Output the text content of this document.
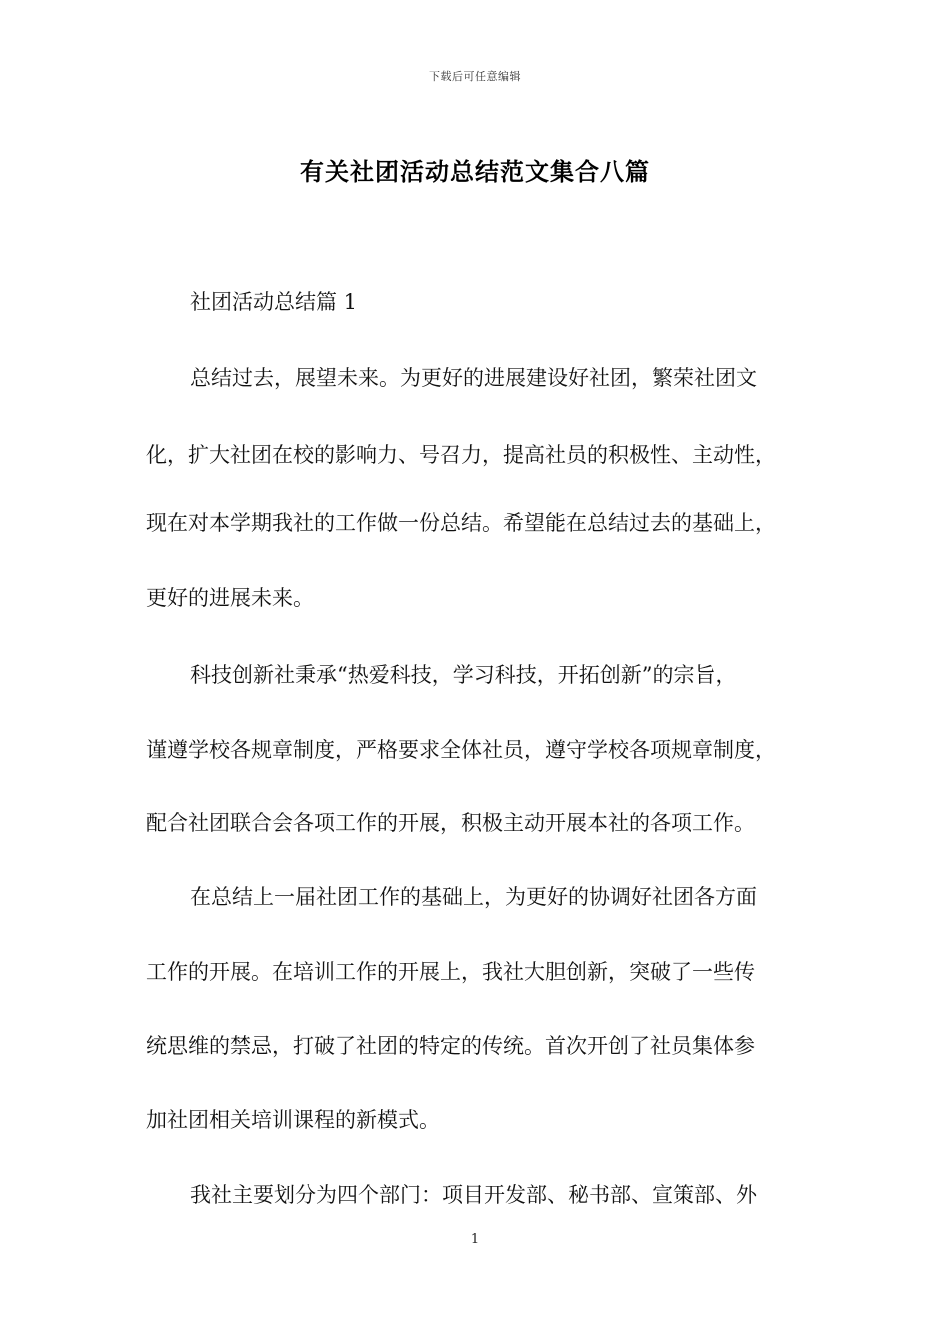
下载后可任意编辑
有关社团活动总结范文集合八篇
社团活动总结篇 1
总结过去，展望未来。为更好的进展建设好社团，繁荣社团文
化，扩大社团在校的影响力、号召力，提高社员的积极性、主动性，
现在对本学期我社的工作做一份总结。希望能在总结过去的基础上，
更好的进展未来。
科技创新社秉承“热爱科技，学习科技，开拓创新”的宗旨，
谨遵学校各规章制度，严格要求全体社员，遵守学校各项规章制度，
配合社团联合会各项工作的开展，积极主动开展本社的各项工作。
在总结上一届社团工作的基础上，为更好的协调好社团各方面
工作的开展。在培训工作的开展上，我社大胆创新，突破了一些传
统思维的禁忌，打破了社团的特定的传统。首次开创了社员集体参
加社团相关培训课程的新模式。
我社主要划分为四个部门：项目开发部、秘书部、宣策部、外
1
